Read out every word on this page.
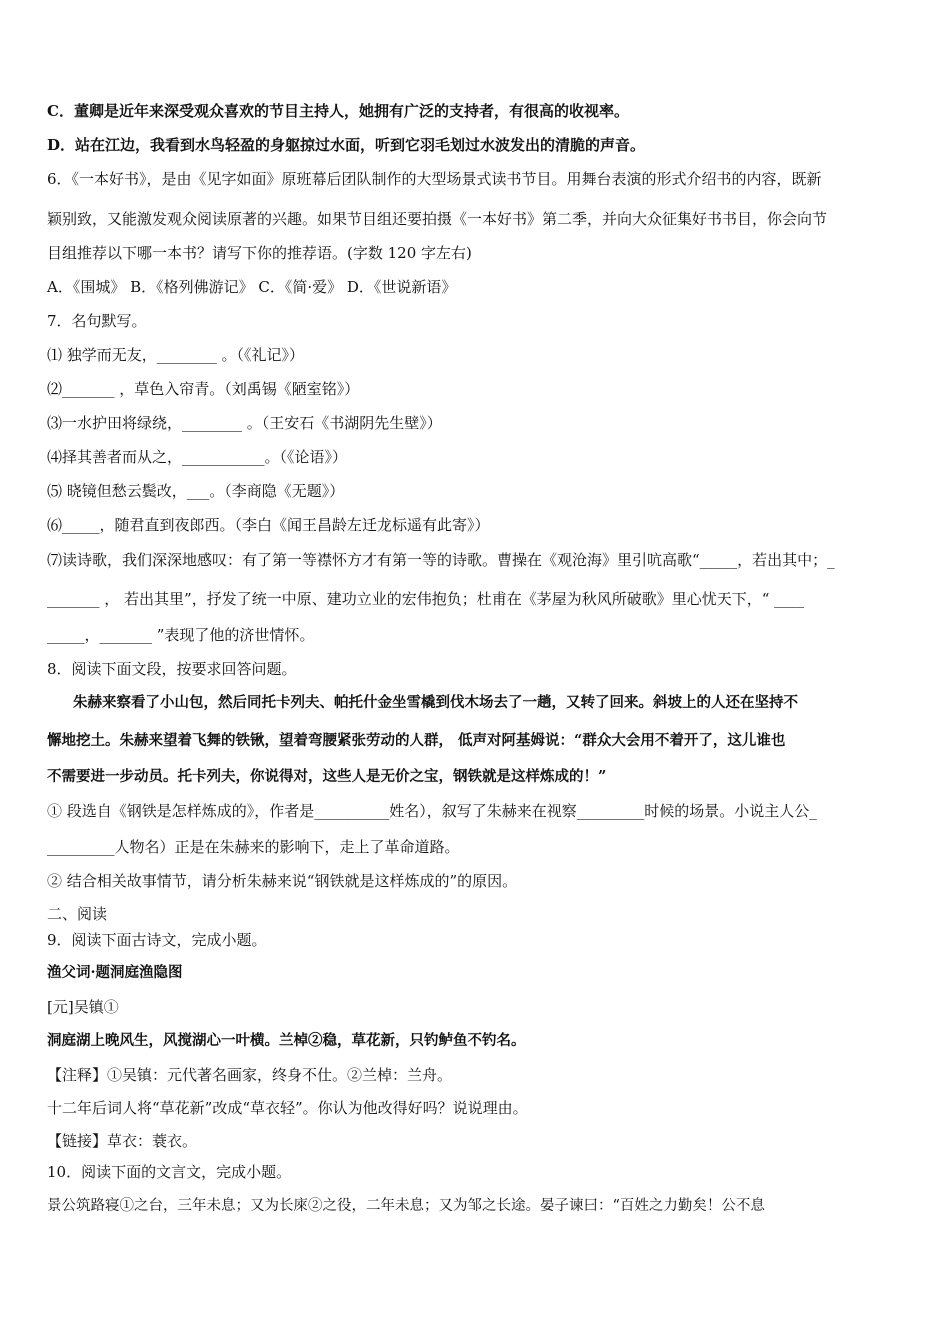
C．董卿是近年来深受观众喜欢的节目主持人，她拥有广泛的支持者，有很高的收视率。
D．站在江边，我看到水鸟轻盈的身躯掠过水面，听到它羽毛划过水波发出的清脆的声音。
6．《一本好书》，是由《见字如面》原班幕后团队制作的大型场景式读书节目。用舞台表演的形式介绍书的内容，既新
颖别致，又能激发观众阅读原著的兴趣。如果节目组还要拍摄《一本好书》第二季，并向大众征集好书书目，你会向节
目组推荐以下哪一本书？请写下你的推荐语。(字数 120 字左右)
A．《围城》 B．《格列佛游记》 C．《简·爱》 D．《世说新语》
7．名句默写。
⑴ 独学而无友，________ 。（《礼记》）
⑵_______ ，草色入帘青。（刘禹锡《陋室铭》）
⑶一水护田将绿绕，________ 。（王安石《书湖阴先生壁》）
⑷择其善者而从之，___________。（《论语》）
⑸ 晓镜但愁云鬓改，___。（李商隐《无题》）
⑹_____，随君直到夜郎西。（李白《闻王昌龄左迁龙标遥有此寄》）
⑺读诗歌，我们深深地感叹：有了第一等襟怀方才有第一等的诗歌。曹操在《观沧海》里引吭高歌“_____，若出其中；_
_______ ， 若出其里”，抒发了统一中原、建功立业的宏伟抱负；杜甫在《茅屋为秋风所破歌》里心忧天下，“ ____
_____，_______ ”表现了他的济世情怀。
8．阅读下面文段，按要求回答问题。
朱赫来察看了小山包，然后同托卡列夫、帕托什金坐雪橇到伐木场去了一趟，又转了回来。斜坡上的人还在坚持不
懈地挖土。朱赫来望着飞舞的铁锹，望着弯腰紧张劳动的人群， 低声对阿基姆说：“群众大会用不着开了，这儿谁也
不需要进一步动员。托卡列夫，你说得对，这些人是无价之宝，钢铁就是这样炼成的！”
① 段选自《钢铁是怎样炼成的》，作者是__________姓名），叙写了朱赫来在视察_________时候的场景。小说主人公_
_________人物名）正是在朱赫来的影响下，走上了革命道路。
② 结合相关故事情节，请分析朱赫来说“钢铁就是这样炼成的”的原因。
二、阅读
9．阅读下面古诗文，完成小题。
渔父词·题洞庭渔隐图
[元]吴镇①
洞庭湖上晚风生，风搅湖心一叶横。兰棹②稳，草花新，只钓鲈鱼不钓名。
【注释】①吴镇：元代著名画家，终身不仕。②兰棹：兰舟。
十二年后词人将“草花新”改成“草衣轻”。你认为他改得好吗？说说理由。
【链接】草衣：蓑衣。
10．阅读下面的文言文，完成小题。
景公筑路寝①之台，三年未息；又为长庲②之役，二年未息；又为邹之长途。晏子谏曰：“百姓之力勤矣！公不息
